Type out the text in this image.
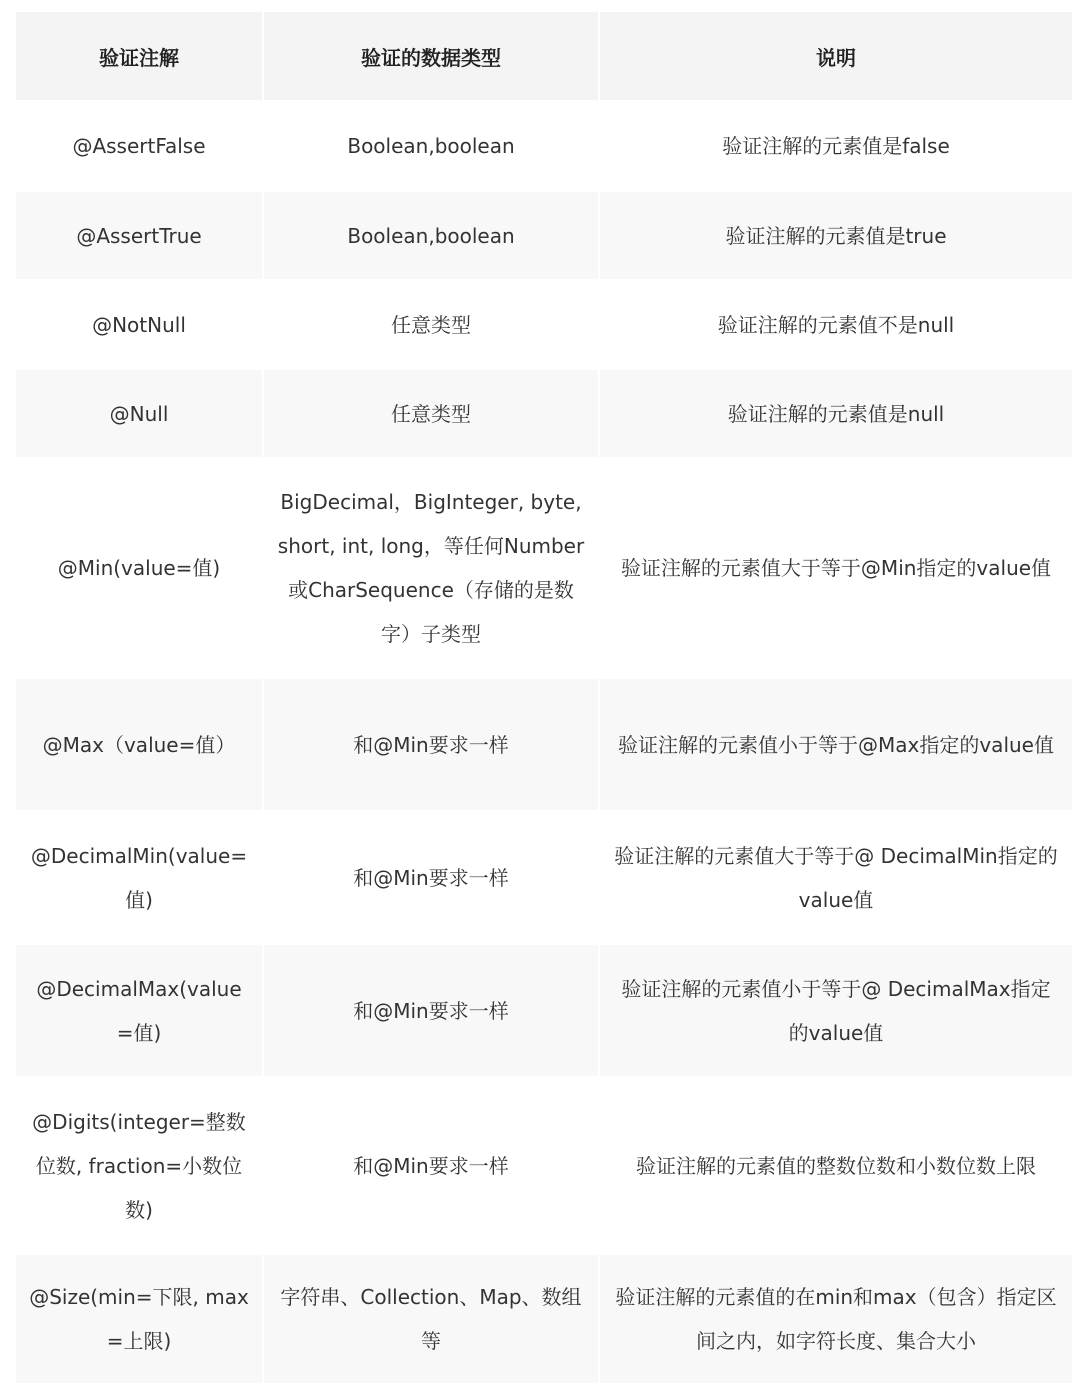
验证注解	验证的数据类型	说明
@AssertFalse	Boolean,boolean	验证注解的元素值是false
@AssertTrue	Boolean,boolean	验证注解的元素值是true
@NotNull	任意类型	验证注解的元素值不是null
@Null	任意类型	验证注解的元素值是null
@Min(value=值)	BigDecimal，BigInteger, byte,short, int, long，等任何Number或CharSequence（存储的是数字）子类型	验证注解的元素值大于等于@Min指定的value值
@Max（value=值）	和@Min要求一样	验证注解的元素值小于等于@Max指定的value值
@DecimalMin(value=值)	和@Min要求一样	验证注解的元素值大于等于@ DecimalMin指定的value值
@DecimalMax(value=值)	和@Min要求一样	验证注解的元素值小于等于@ DecimalMax指定的value值
@Digits(integer=整数位数, fraction=小数位数)	和@Min要求一样	验证注解的元素值的整数位数和小数位数上限
@Size(min=下限, max=上限)	字符串、Collection、Map、数组等	验证注解的元素值的在min和max（包含）指定区间之内，如字符长度、集合大小
